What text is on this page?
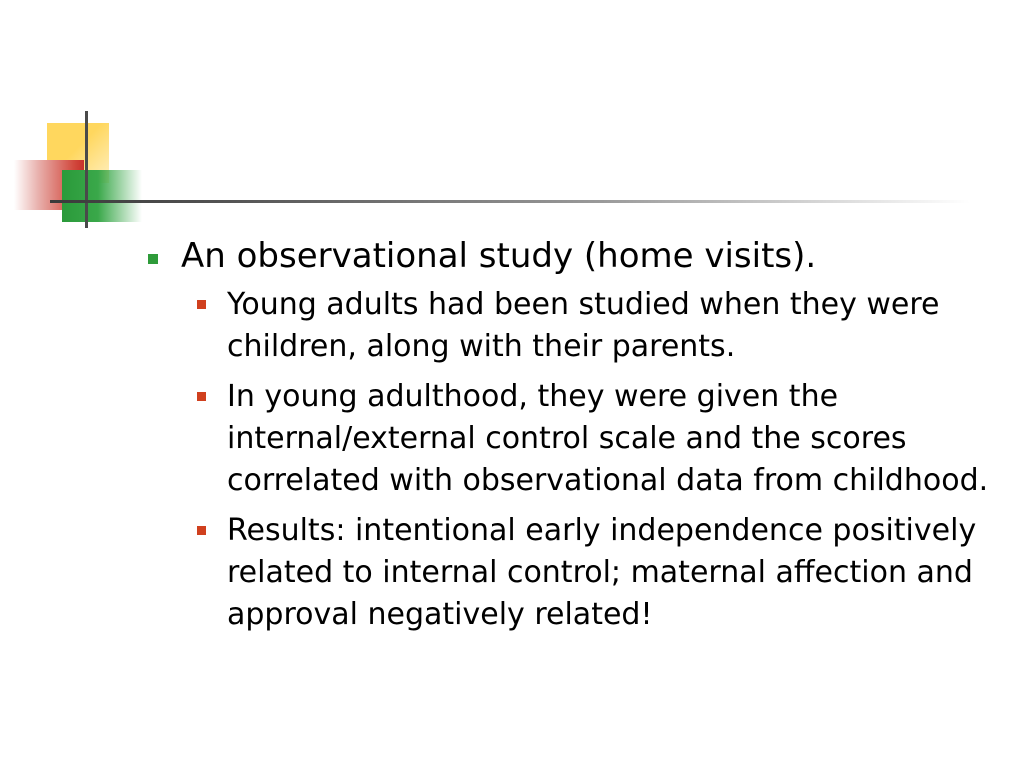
An observational study (home visits).
Young adults had been studied when they were children, along with their parents.
In young adulthood, they were given the internal/external control scale and the scores correlated with observational data from childhood.
Results: intentional early independence positively related to internal control; maternal affection and approval negatively related!
